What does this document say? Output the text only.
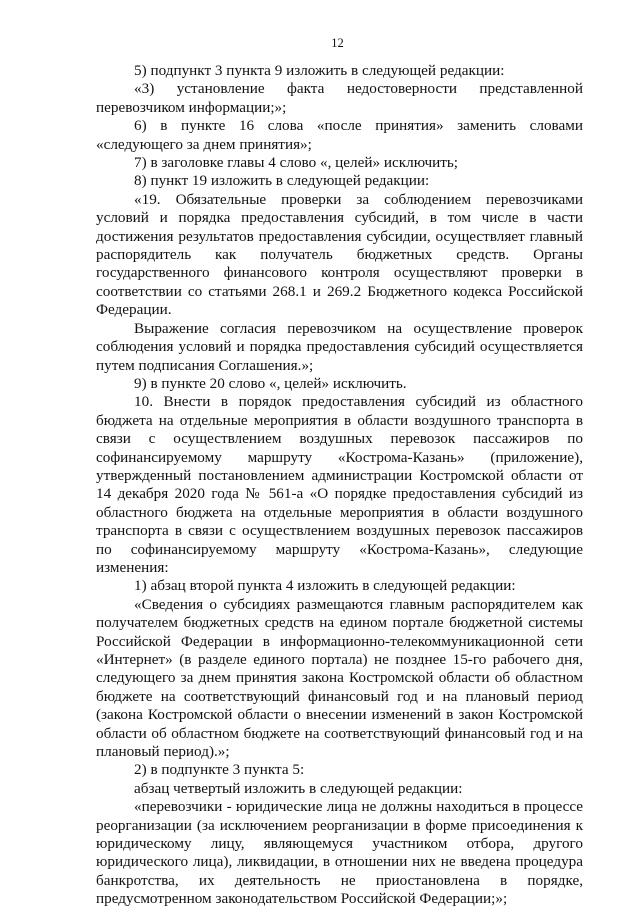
12

5) подпункт 3 пункта 9 изложить в следующей редакции:

«3) установление факта недостоверности представленной перевозчиком информации;»;

6) в пункте 16 слова «после принятия» заменить словами «следующего за днем принятия»;

7) в заголовке главы 4 слово «, целей» исключить;

8) пункт 19 изложить в следующей редакции:

«19. Обязательные проверки за соблюдением перевозчиками условий и порядка предоставления субсидий, в том числе в части достижения результатов предоставления субсидии, осуществляет главный распорядитель как получатель бюджетных средств. Органы государственного финансового контроля осуществляют проверки в соответствии со статьями 268.1 и 269.2 Бюджетного кодекса Российской Федерации.

Выражение согласия перевозчиком на осуществление проверок соблюдения условий и порядка предоставления субсидий осуществляется путем подписания Соглашения.»;

9) в пункте 20 слово «, целей» исключить.

10. Внести в порядок предоставления субсидий из областного бюджета на отдельные мероприятия в области воздушного транспорта в связи с осуществлением воздушных перевозок пассажиров по софинансируемому маршруту «Кострома-Казань» (приложение), утвержденный постановлением администрации Костромской области от 14 декабря 2020 года № 561-а «О порядке предоставления субсидий из областного бюджета на отдельные мероприятия в области воздушного транспорта в связи с осуществлением воздушных перевозок пассажиров по софинансируемому маршруту «Кострома-Казань», следующие изменения:

1) абзац второй пункта 4 изложить в следующей редакции:

«Сведения о субсидиях размещаются главным распорядителем как получателем бюджетных средств на едином портале бюджетной системы Российской Федерации в информационно-телекоммуникационной сети «Интернет» (в разделе единого портала) не позднее 15-го рабочего дня, следующего за днем принятия закона Костромской области об областном бюджете на соответствующий финансовый год и на плановый период (закона Костромской области о внесении изменений в закон Костромской области об областном бюджете на соответствующий финансовый год и на плановый период).»;

2) в подпункте 3 пункта 5:

абзац четвертый изложить в следующей редакции:

«перевозчики - юридические лица не должны находиться в процессе реорганизации (за исключением реорганизации в форме присоединения к юридическому лицу, являющемуся участником отбора, другого юридического лица), ликвидации, в отношении них не введена процедура банкротства, их деятельность не приостановлена в порядке, предусмотренном законодательством Российской Федерации;»;
